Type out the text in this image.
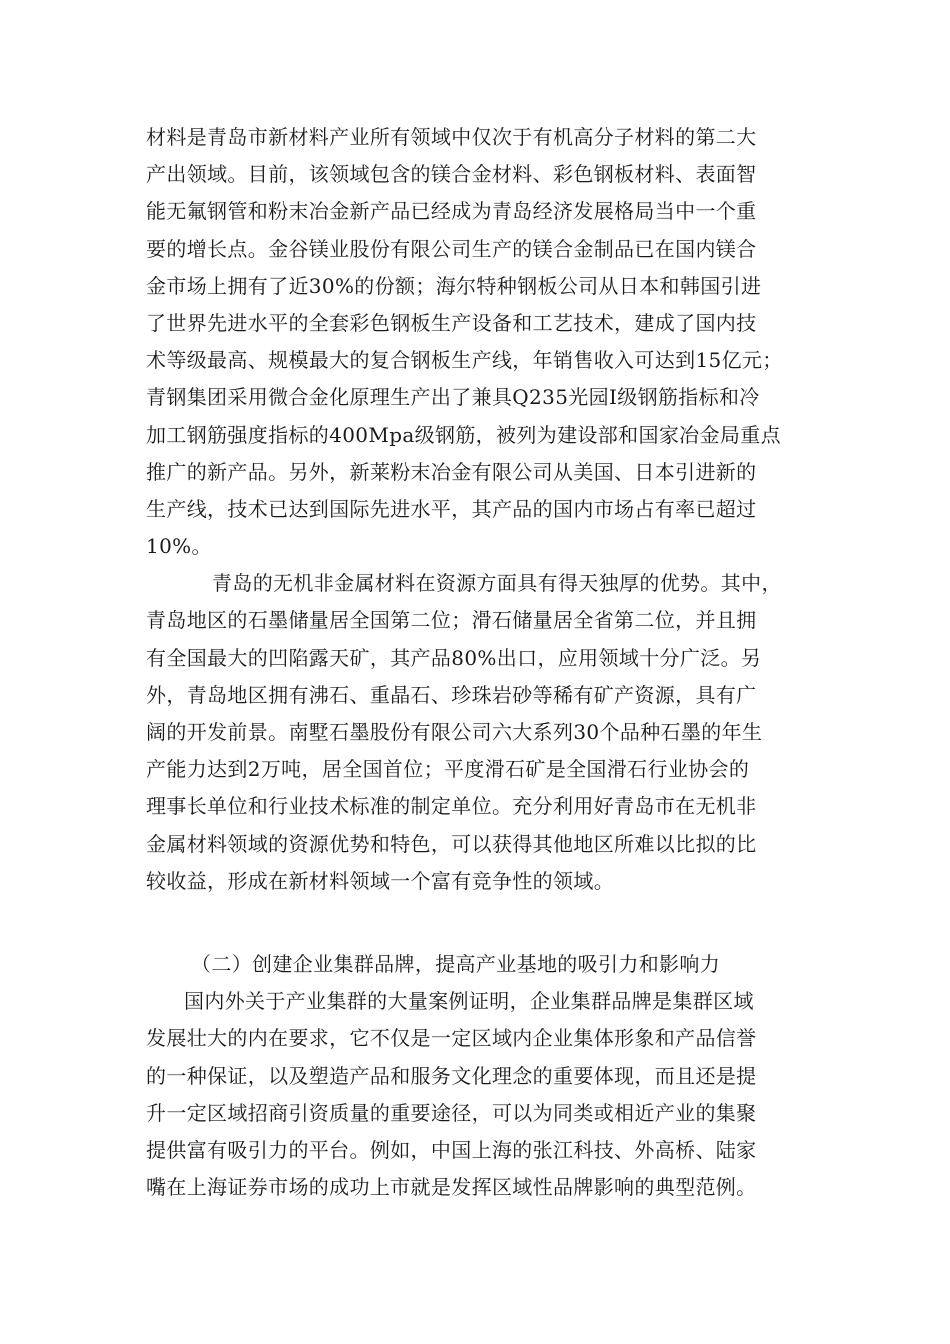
材料是青岛市新材料产业所有领域中仅次于有机高分子材料的第二大
产出领域。目前，该领域包含的镁合金材料、彩色钢板材料、表面智
能无氟钢管和粉末冶金新产品已经成为青岛经济发展格局当中一个重
要的增长点。金谷镁业股份有限公司生产的镁合金制品已在国内镁合
金市场上拥有了近30%的份额；海尔特种钢板公司从日本和韩国引进
了世界先进水平的全套彩色钢板生产设备和工艺技术，建成了国内技
术等级最高、规模最大的复合钢板生产线，年销售收入可达到15亿元；
青钢集团采用微合金化原理生产出了兼具Q235光园Ⅰ级钢筋指标和冷
加工钢筋强度指标的400Mpa级钢筋，被列为建设部和国家冶金局重点
推广的新产品。另外，新莱粉末冶金有限公司从美国、日本引进新的
生产线，技术已达到国际先进水平，其产品的国内市场占有率已超过
10%。
青岛的无机非金属材料在资源方面具有得天独厚的优势。其中，
青岛地区的石墨储量居全国第二位；滑石储量居全省第二位，并且拥
有全国最大的凹陷露天矿，其产品80%出口，应用领域十分广泛。另
外，青岛地区拥有沸石、重晶石、珍珠岩砂等稀有矿产资源，具有广
阔的开发前景。南墅石墨股份有限公司六大系列30个品种石墨的年生
产能力达到2万吨，居全国首位；平度滑石矿是全国滑石行业协会的
理事长单位和行业技术标准的制定单位。充分利用好青岛市在无机非
金属材料领域的资源优势和特色，可以获得其他地区所难以比拟的比
较收益，形成在新材料领域一个富有竞争性的领域。
（二）创建企业集群品牌，提高产业基地的吸引力和影响力
国内外关于产业集群的大量案例证明，企业集群品牌是集群区域
发展壮大的内在要求，它不仅是一定区域内企业集体形象和产品信誉
的一种保证，以及塑造产品和服务文化理念的重要体现，而且还是提
升一定区域招商引资质量的重要途径，可以为同类或相近产业的集聚
提供富有吸引力的平台。例如，中国上海的张江科技、外高桥、陆家
嘴在上海证券市场的成功上市就是发挥区域性品牌影响的典型范例。
